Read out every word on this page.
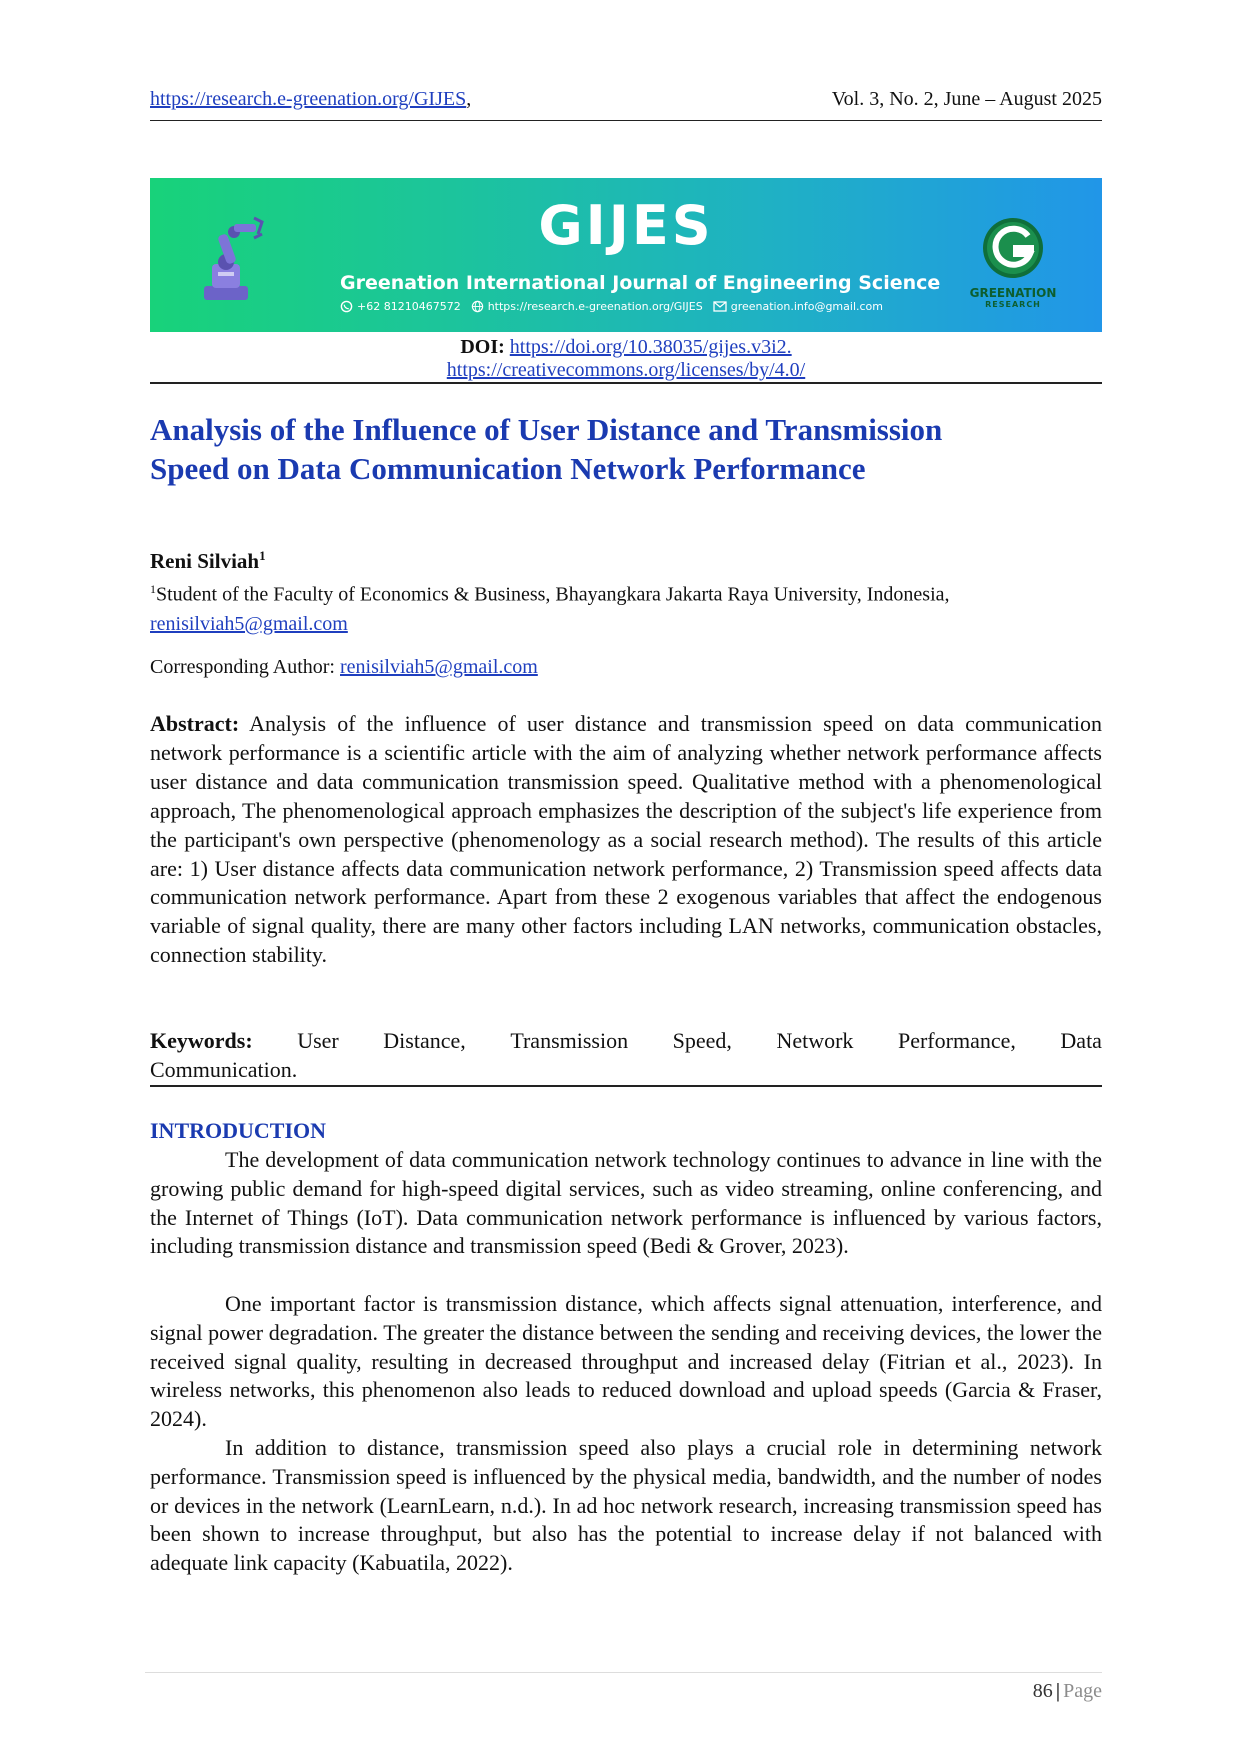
https://research.e-greenation.org/GIJES,	Vol. 3, No. 2, June – August 2025
GIJES
Greenation International Journal of Engineering Science
+62 81210467572 https://research.e-greenation.org/GIJES	greenation.info@gmail.com
GREENATION
RESEARCH
DOI: https://doi.org/10.38035/gijes.v3i2.
https://creativecommons.org/licenses/by/4.0/
Analysis of the Influence of User Distance and Transmission
Speed on Data Communication Network Performance
Reni Silviah$^1$
$^1$Student of the Faculty of Economics & Business, Bhayangkara Jakarta Raya University, Indonesia,
renisilviah5@gmail.com
Corresponding Author: renisilviah5@gmail.com

Abstract: Analysis of the influence of user distance and transmission speed on data communication network performance is a scientific article with the aim of analyzing whether network performance affects user distance and data communication transmission speed. Qualitative method with a phenomenological approach, The phenomenological approach emphasizes the description of the subject's life experience from the participant's own perspective (phenomenology as a social research method). The results of this article are: 1) User distance affects data communication network performance, 2) Transmission speed affects data communication network performance. Apart from these 2 exogenous variables that affect the endogenous variable of signal quality, there are many other factors including LAN networks, communication obstacles, connection stability.

Keywords: User Distance, Transmission Speed, Network Performance, Data
Communication.
INTRODUCTION

The development of data communication network technology continues to advance in line with the growing public demand for high-speed digital services, such as video streaming, online conferencing, and the Internet of Things (IoT). Data communication network performance is influenced by various factors, including transmission distance and transmission speed (Bedi & Grover, 2023).

One important factor is transmission distance, which affects signal attenuation, interference, and signal power degradation. The greater the distance between the sending and receiving devices, the lower the received signal quality, resulting in decreased throughput and increased delay (Fitrian et al., 2023). In wireless networks, this phenomenon also leads to reduced download and upload speeds (Garcia & Fraser, 2024).

In addition to distance, transmission speed also plays a crucial role in determining network performance. Transmission speed is influenced by the physical media, bandwidth, and the number of nodes or devices in the network (LearnLearn, n.d.). In ad hoc network research, increasing transmission speed has been shown to increase throughput, but also has the potential to increase delay if not balanced with adequate link capacity (Kabuatila, 2022).

86 | Page
